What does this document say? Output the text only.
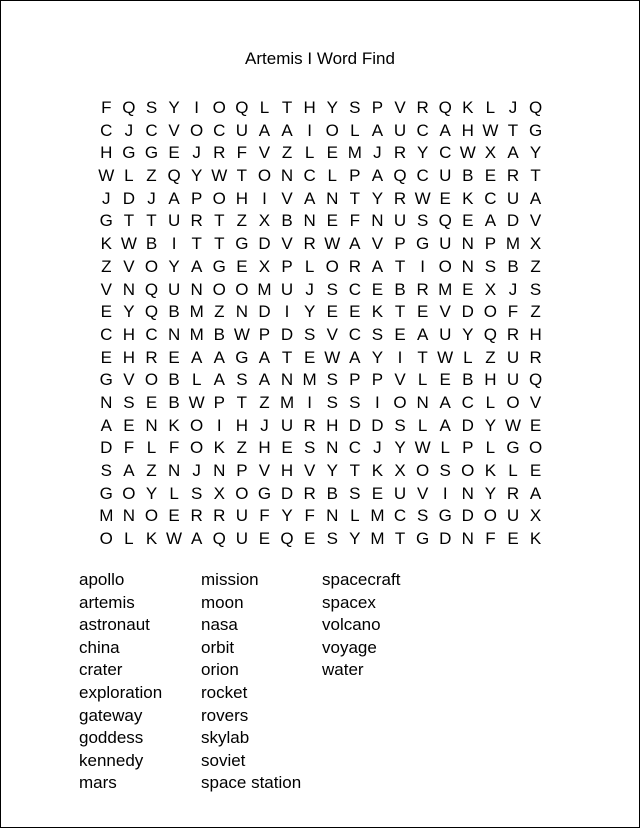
Artemis I Word Find
F Q S Y I O Q L T H Y S P V R Q K L J Q
C J C V O C U A A I O L A U C A H W T G
H G G E J R F V Z L E M J R Y C W X A Y
W L Z Q Y W T O N C L P A Q C U B E R T
J D J A P O H I V A N T Y R W E K C U A
G T T U R T Z X B N E F N U S Q E A D V
K W B I T T G D V R W A V P G U N P M X
Z V O Y A G E X P L O R A T I O N S B Z
V N Q U N O O M U J S C E B R M E X J S
E Y Q B M Z N D I Y E E K T E V D O F Z
C H C N M B W P D S V C S E A U Y Q R H
E H R E A A G A T E W A Y I T W L Z U R
G V O B L A S A N M S P P V L E B H U Q
N S E B W P T Z M I S S I O N A C L O V
A E N K O I H J U R H D D S L A D Y W E
D F L F O K Z H E S N C J Y W L P L G O
S A Z N J N P V H V Y T K X O S O K L E
G O Y L S X O G D R B S E U V I N Y R A
M N O E R R U F Y F N L M C S G D O U X
O L K W A Q U E Q E S Y M T G D N F E K
apollo
artemis
astronaut
china
crater
exploration
gateway
goddess
kennedy
mars
mission
moon
nasa
orbit
orion
rocket
rovers
skylab
soviet
space station
spacecraft
spacex
volcano
voyage
water
